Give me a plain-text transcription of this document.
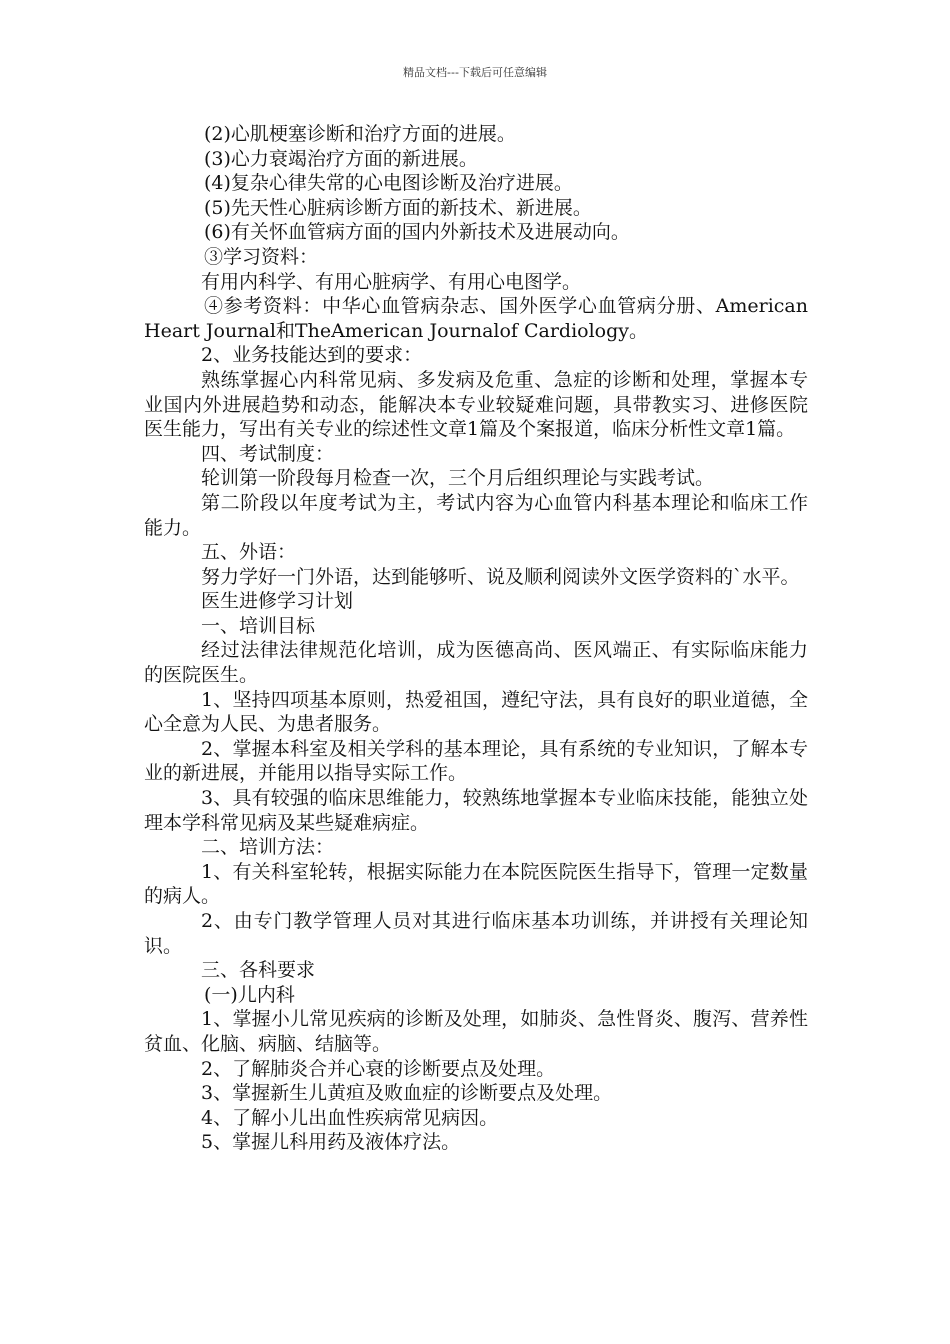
精品文档---下载后可任意编辑

(2)心肌梗塞诊断和治疗方面的进展。

(3)心力衰竭治疗方面的新进展。

(4)复杂心律失常的心电图诊断及治疗进展。

(5)先天性心脏病诊断方面的新技术、新进展。

(6)有关怀血管病方面的国内外新技术及进展动向。

③学习资料：

有用内科学、有用心脏病学、有用心电图学。

④参考资料：中华心血管病杂志、国外医学心血管病分册、American Heart Journal和TheAmerican Journalof Cardiology。

2、业务技能达到的要求：

熟练掌握心内科常见病、多发病及危重、急症的诊断和处理，掌握本专业国内外进展趋势和动态，能解决本专业较疑难问题，具带教实习、进修医院医生能力，写出有关专业的综述性文章1篇及个案报道，临床分析性文章1篇。

四、考试制度：

轮训第一阶段每月检查一次，三个月后组织理论与实践考试。

第二阶段以年度考试为主，考试内容为心血管内科基本理论和临床工作能力。

五、外语：

努力学好一门外语，达到能够听、说及顺利阅读外文医学资料的`水平。

医生进修学习计划

一、培训目标

经过法律法律规范化培训，成为医德高尚、医风端正、有实际临床能力的医院医生。

1、坚持四项基本原则，热爱祖国，遵纪守法，具有良好的职业道德，全心全意为人民、为患者服务。

2、掌握本科室及相关学科的基本理论，具有系统的专业知识，了解本专业的新进展，并能用以指导实际工作。

3、具有较强的临床思维能力，较熟练地掌握本专业临床技能，能独立处理本学科常见病及某些疑难病症。

二、培训方法：

1、有关科室轮转，根据实际能力在本院医院医生指导下，管理一定数量的病人。

2、由专门教学管理人员对其进行临床基本功训练，并讲授有关理论知识。

三、各科要求

(一)儿内科

1、掌握小儿常见疾病的诊断及处理，如肺炎、急性肾炎、腹泻、营养性贫血、化脑、病脑、结脑等。

2、了解肺炎合并心衰的诊断要点及处理。

3、掌握新生儿黄疸及败血症的诊断要点及处理。

4、了解小儿出血性疾病常见病因。

5、掌握儿科用药及液体疗法。
